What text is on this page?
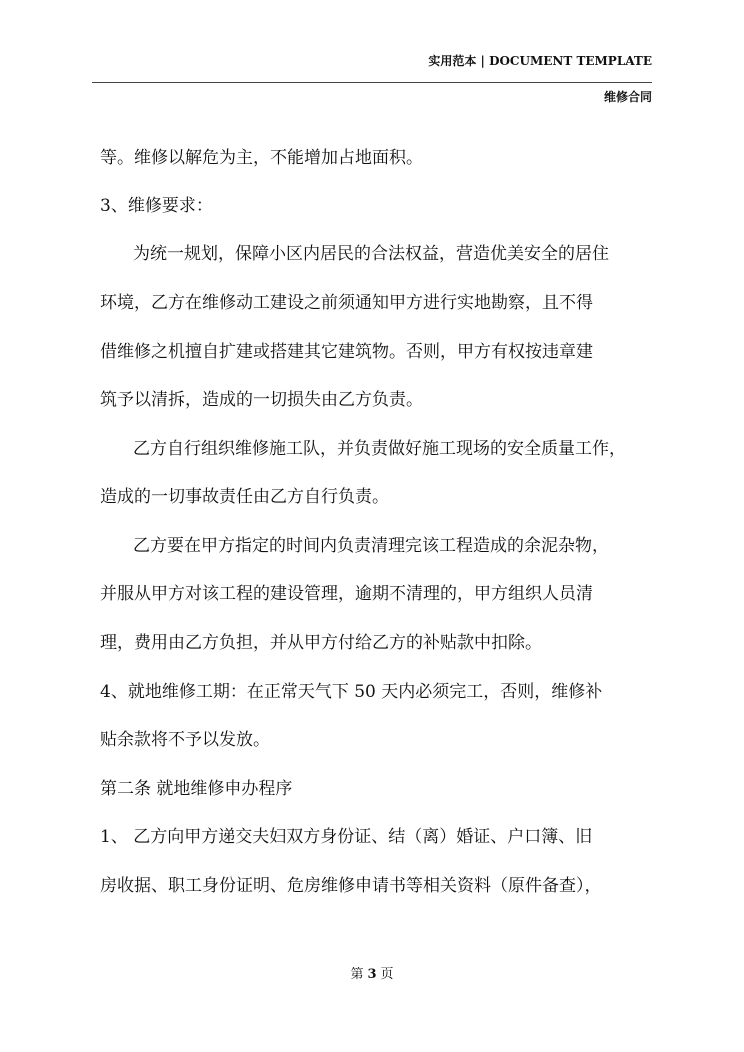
实用范本 | DOCUMENT TEMPLATE
维修合同
等。维修以解危为主，不能增加占地面积。
3、维修要求：
为统一规划，保障小区内居民的合法权益，营造优美安全的居住
环境，乙方在维修动工建设之前须通知甲方进行实地勘察，且不得
借维修之机擅自扩建或搭建其它建筑物。否则，甲方有权按违章建
筑予以清拆，造成的一切损失由乙方负责。
乙方自行组织维修施工队，并负责做好施工现场的安全质量工作，
造成的一切事故责任由乙方自行负责。
乙方要在甲方指定的时间内负责清理完该工程造成的余泥杂物，
并服从甲方对该工程的建设管理，逾期不清理的，甲方组织人员清
理，费用由乙方负担，并从甲方付给乙方的补贴款中扣除。
4、就地维修工期：在正常天气下 50 天内必须完工，否则，维修补
贴余款将不予以发放。
第二条 就地维修申办程序
1、 乙方向甲方递交夫妇双方身份证、结（离）婚证、户口簿、旧
房收据、职工身份证明、危房维修申请书等相关资料（原件备查），
第 3 页
